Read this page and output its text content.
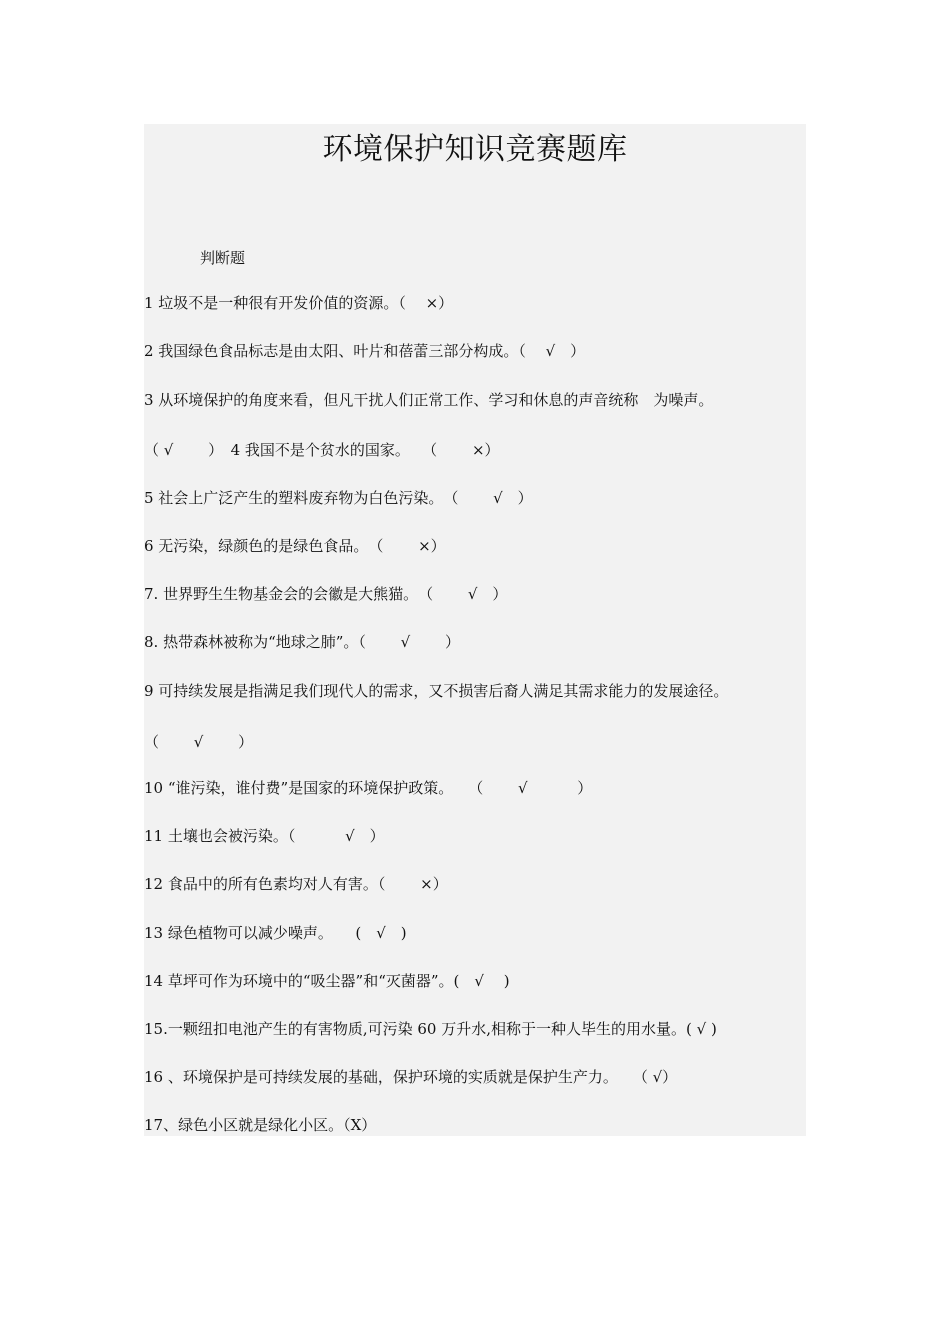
环境保护知识竞赛题库
判断题
1 垃圾不是一种很有开发价值的资源。（　 ×）
2 我国绿色食品标志是由太阳、叶片和蓓蕾三部分构成。（　 √　）
3 从环境保护的角度来看，但凡干扰人们正常工作、学习和休息的声音统称　为噪声。
（ √　　 ）　4 我国不是个贫水的国家。　 （　　 ×）
5 社会上广泛产生的塑料废弃物为白色污染。　（　　 √　）
6 无污染，绿颜色的是绿色食品。　（　　 ×）
7. 世界野生生物基金会的会徽是大熊猫。　（　　 √　）
8. 热带森林被称为“地球之肺”。（　　 √　　 ）
9 可持续发展是指满足我们现代人的需求，又不损害后裔人满足其需求能力的发展途径。
（　　 √　　 ）
10 “谁污染，谁付费”是国家的环境保护政策。　　（　　 √　　　 ）
11 土壤也会被污染。（　　　 √　）
12 食品中的所有色素均对人有害。（　　 ×）
13 绿色植物可以减少噪声。　　(　√　)
14 草坪可作为环境中的“吸尘器”和“灭菌器”。(　√　 )
15.一颗纽扣电池产生的有害物质,可污染 60 万升水,相称于一种人毕生的用水量。( √ )
16 、环境保护是可持续发展的基础，保护环境的实质就是保护生产力。　　（ √）
17、绿色小区就是绿化小区。（X）
